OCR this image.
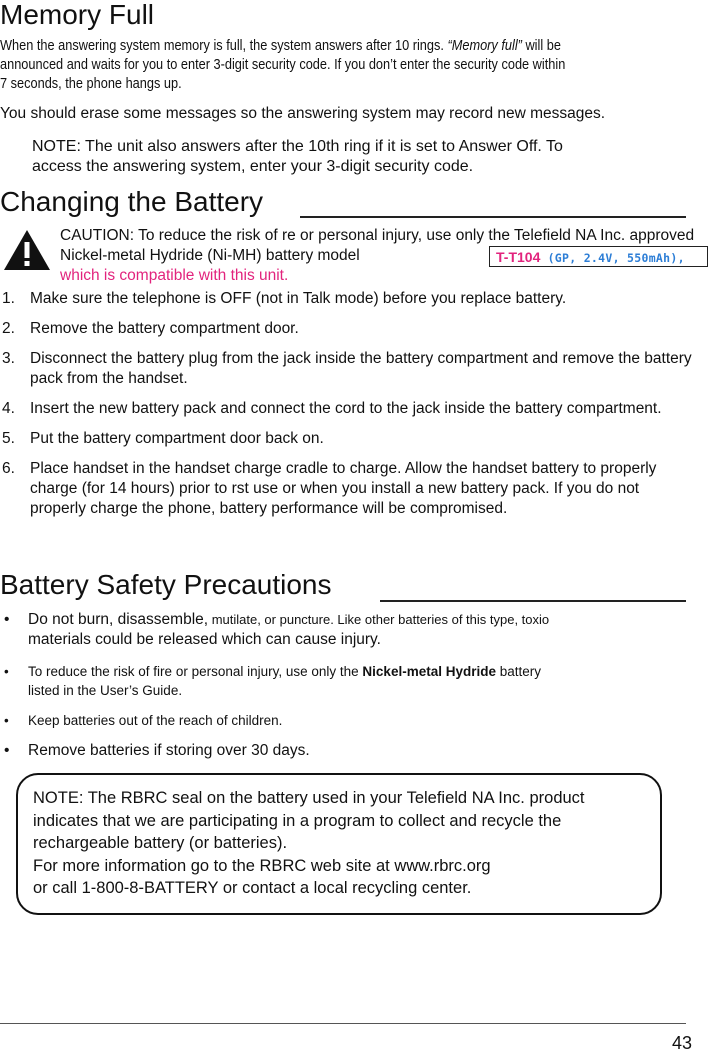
Memory Full

When the answering system memory is full, the system answers after 10 rings. “Memory full” will be announced and waits for you to enter 3-digit security code. If you don’t enter the security code within 7 seconds, the phone hangs up.

You should erase some messages so the answering system may record new messages.

NOTE: The unit also answers after the 10th ring if it is set to Answer Off. To

access the answering system, enter your 3-digit security code.

Changing the Battery

CAUTION: To reduce the risk of re or personal injury, use only the Telefield NA Inc. approved Nickel-metal Hydride (Ni-MH) battery model
which is compatible with this unit.

T-T104 (GP, 2.4V, 550mAh),
1. Make sure the telephone is OFF (not in Talk mode) before you replace battery.
2. Remove the battery compartment door.
3. Disconnect the battery plug from the jack inside the battery compartment and remove the battery pack from the handset.
4. Insert the new battery pack and connect the cord to the jack inside the battery compartment.
5. Put the battery compartment door back on.
6. Place handset in the handset charge cradle to charge. Allow the handset battery to properly charge (for 14 hours) prior to rst use or when you install a new battery pack. If you do not properly charge the phone, battery performance will be compromised.
Battery Safety Precautions
• Do not burn, disassemble, mutilate, or puncture. Like other batteries of this type, toxio
materials could be released which can cause injury.
• To reduce the risk of fire or personal injury, use only the Nickel-metal Hydride battery
listed in the User’s Guide.
• Keep batteries out of the reach of children.
• Remove batteries if storing over 30 days.
NOTE: The RBRC seal on the battery used in your Telefield NA Inc. product
indicates that we are participating in a program to collect and recycle the
rechargeable battery (or batteries).
For more information go to the RBRC web site at www.rbrc.org
or call 1-800-8-BATTERY or contact a local recycling center.
43
